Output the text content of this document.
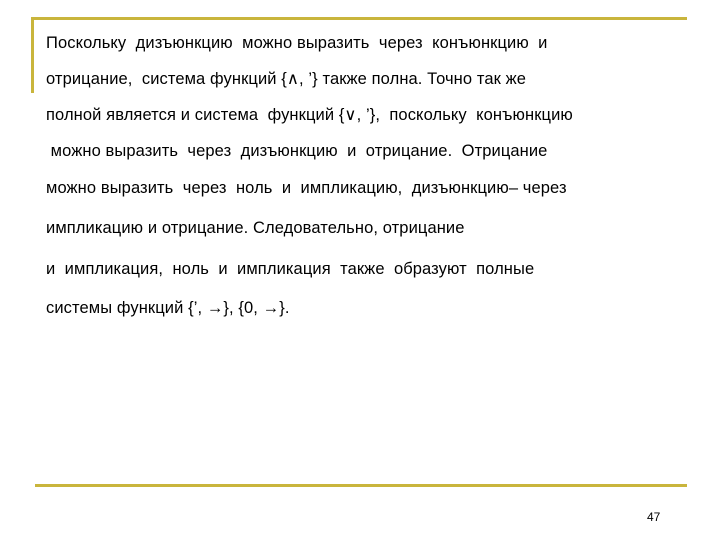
Поскольку  дизъюнкцию  можно выразить  через  конъюнкцию  и
отрицание,  система функций {∧, ’} также полна. Точно так же
полной является и система  функций {∨, ’},  поскольку  конъюнкцию
можно выразить  через  дизъюнкцию  и  отрицание.  Отрицание
можно выразить  через  ноль  и  импликацию,  дизъюнкцию– через
импликацию и отрицание. Следовательно, отрицание
и  импликация,  ноль  и  импликация  также  образуют  полные
системы функций {’, →}, {0, →}.
47
